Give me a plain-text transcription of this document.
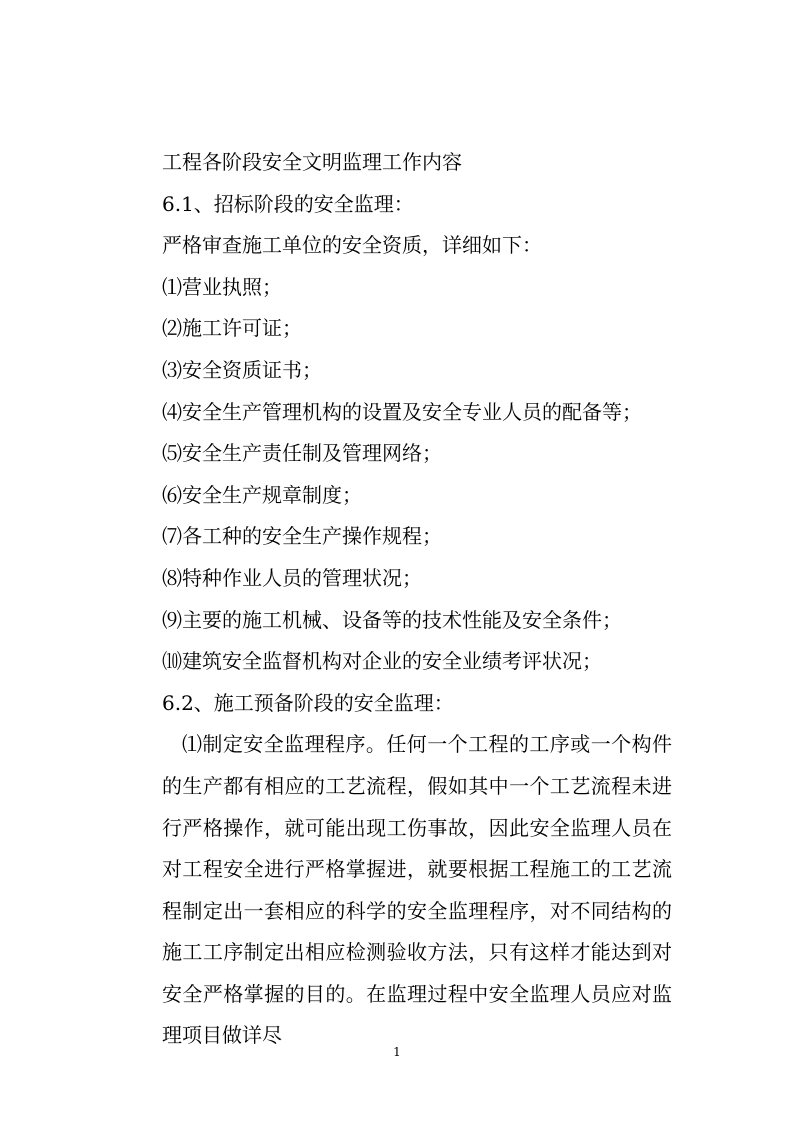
工程各阶段安全文明监理工作内容
6.1、招标阶段的安全监理：
严格审查施工单位的安全资质，详细如下：
⑴营业执照；
⑵施工许可证；
⑶安全资质证书；
⑷安全生产管理机构的设置及安全专业人员的配备等；
⑸安全生产责任制及管理网络；
⑹安全生产规章制度；
⑺各工种的安全生产操作规程；
⑻特种作业人员的管理状况；
⑼主要的施工机械、设备等的技术性能及安全条件；
⑽建筑安全监督机构对企业的安全业绩考评状况；
6.2、施工预备阶段的安全监理：

⑴制定安全监理程序。任何一个工程的工序或一个构件的生产都有相应的工艺流程，假如其中一个工艺流程未进行严格操作，就可能出现工伤事故，因此安全监理人员在对工程安全进行严格掌握进，就要根据工程施工的工艺流程制定出一套相应的科学的安全监理程序，对不同结构的施工工序制定出相应检测验收方法，只有这样才能达到对安全严格掌握的目的。在监理过程中安全监理人员应对监理项目做详尽

1
